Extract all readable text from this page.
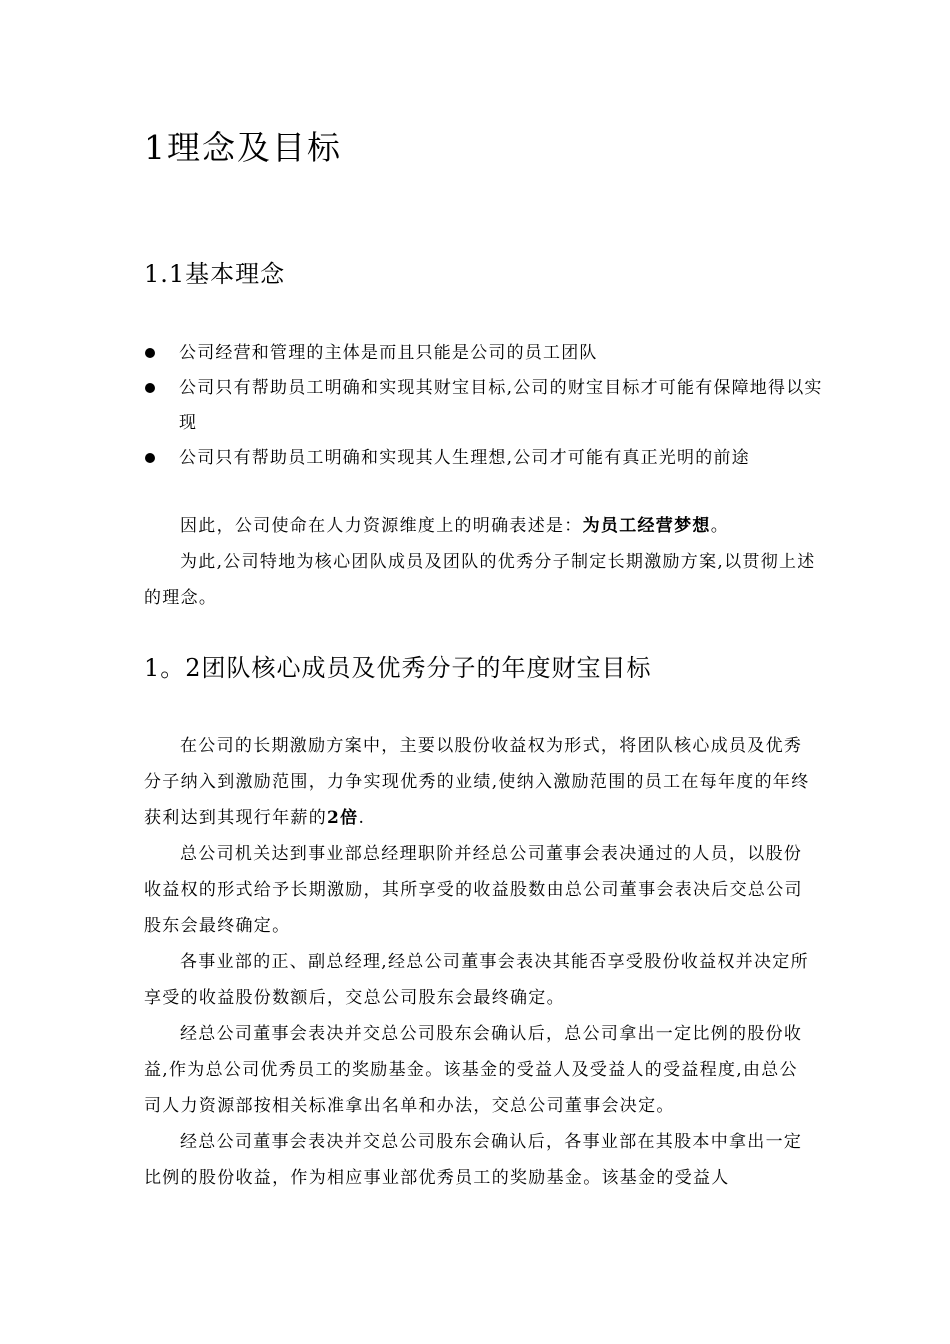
1理念及目标
1.1基本理念
公司经营和管理的主体是而且只能是公司的员工团队
公司只有帮助员工明确和实现其财宝目标,公司的财宝目标才可能有保障地得以实现
公司只有帮助员工明确和实现其人生理想,公司才可能有真正光明的前途

因此，公司使命在人力资源维度上的明确表述是：为员工经营梦想。

为此,公司特地为核心团队成员及团队的优秀分子制定长期激励方案,以贯彻上述的理念。

1。2团队核心成员及优秀分子的年度财宝目标

在公司的长期激励方案中，主要以股份收益权为形式，将团队核心成员及优秀分子纳入到激励范围，力争实现优秀的业绩,使纳入激励范围的员工在每年度的年终获利达到其现行年薪的2倍.

总公司机关达到事业部总经理职阶并经总公司董事会表决通过的人员，以股份收益权的形式给予长期激励，其所享受的收益股数由总公司董事会表决后交总公司股东会最终确定。

各事业部的正、副总经理,经总公司董事会表决其能否享受股份收益权并决定所享受的收益股份数额后，交总公司股东会最终确定。

经总公司董事会表决并交总公司股东会确认后，总公司拿出一定比例的股份收益,作为总公司优秀员工的奖励基金。该基金的受益人及受益人的受益程度,由总公司人力资源部按相关标准拿出名单和办法，交总公司董事会决定。

经总公司董事会表决并交总公司股东会确认后，各事业部在其股本中拿出一定比例的股份收益，作为相应事业部优秀员工的奖励基金。该基金的受益人
